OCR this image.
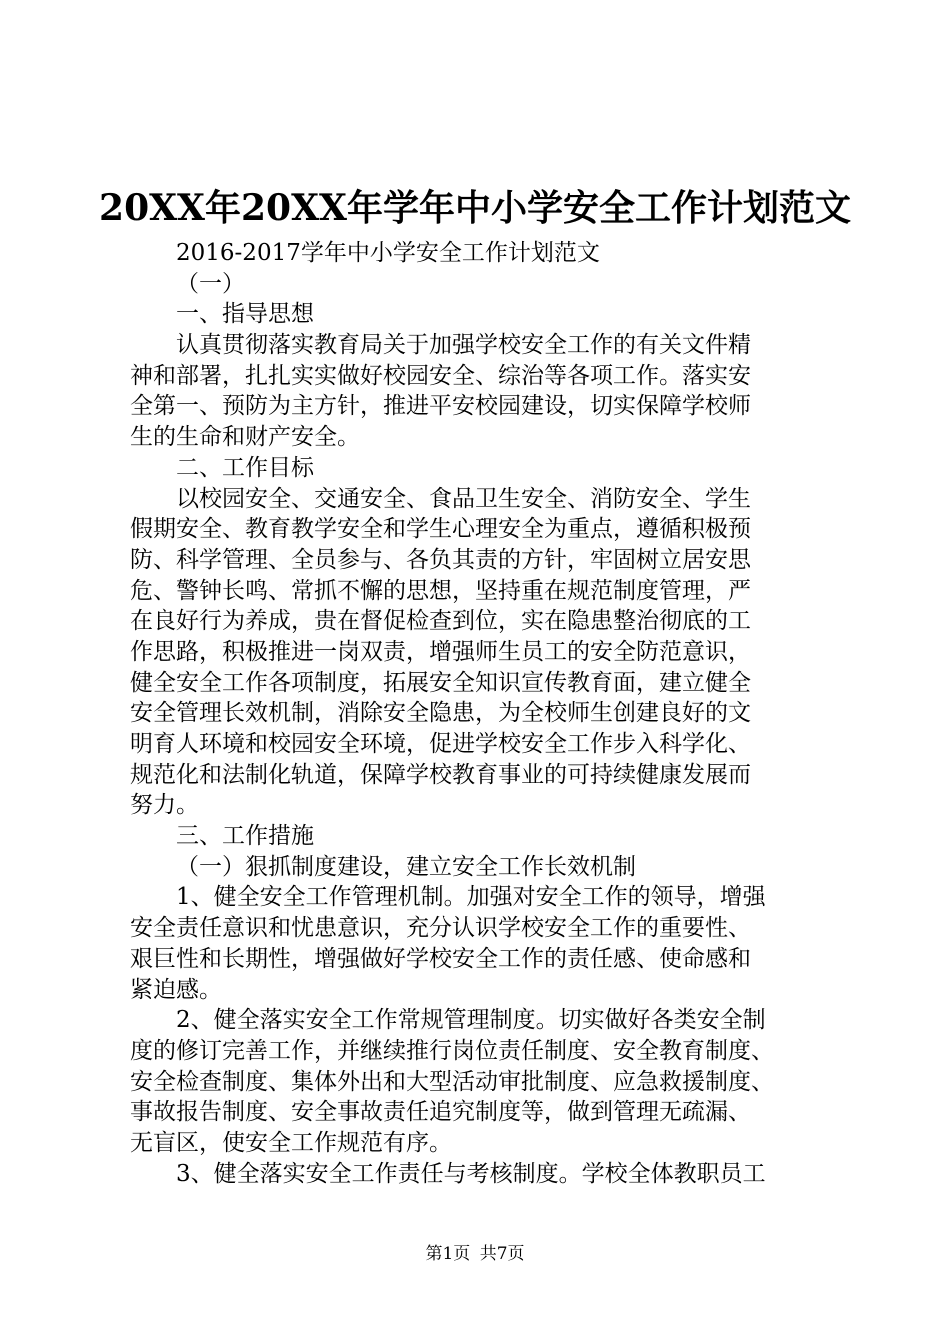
20XX年20XX年学年中小学安全工作计划范文
2016-2017学年中小学安全工作计划范文
（一）
一、指导思想
认真贯彻落实教育局关于加强学校安全工作的有关文件精
神和部署，扎扎实实做好校园安全、综治等各项工作。落实安
全第一、预防为主方针，推进平安校园建设，切实保障学校师
生的生命和财产安全。
二、工作目标
以校园安全、交通安全、食品卫生安全、消防安全、学生
假期安全、教育教学安全和学生心理安全为重点，遵循积极预
防、科学管理、全员参与、各负其责的方针，牢固树立居安思
危、警钟长鸣、常抓不懈的思想，坚持重在规范制度管理，严
在良好行为养成，贵在督促检查到位，实在隐患整治彻底的工
作思路，积极推进一岗双责，增强师生员工的安全防范意识，
健全安全工作各项制度，拓展安全知识宣传教育面，建立健全
安全管理长效机制，消除安全隐患，为全校师生创建良好的文
明育人环境和校园安全环境，促进学校安全工作步入科学化、
规范化和法制化轨道，保障学校教育事业的可持续健康发展而
努力。
三、工作措施
（一）狠抓制度建设，建立安全工作长效机制
1、健全安全工作管理机制。加强对安全工作的领导，增强
安全责任意识和忧患意识，充分认识学校安全工作的重要性、
艰巨性和长期性，增强做好学校安全工作的责任感、使命感和
紧迫感。
2、健全落实安全工作常规管理制度。切实做好各类安全制
度的修订完善工作，并继续推行岗位责任制度、安全教育制度、
安全检查制度、集体外出和大型活动审批制度、应急救援制度、
事故报告制度、安全事故责任追究制度等，做到管理无疏漏、
无盲区，使安全工作规范有序。
3、健全落实安全工作责任与考核制度。学校全体教职员工
第1页 共7页
